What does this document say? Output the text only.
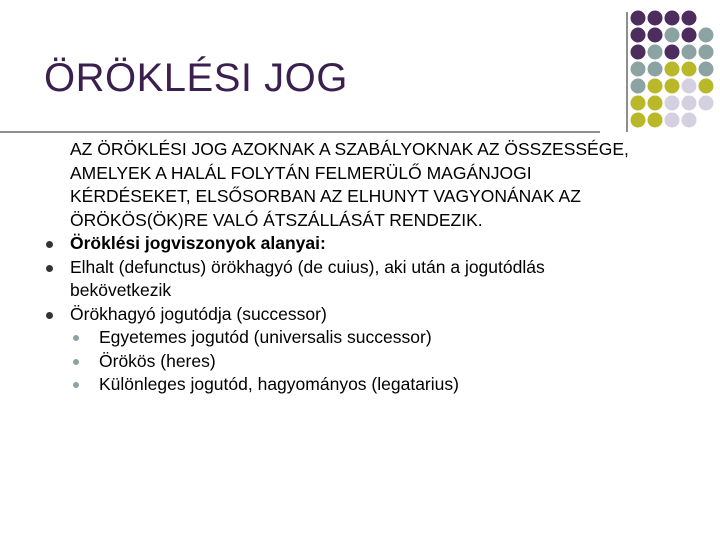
ÖRÖKLÉSI JOG

AZ ÖRÖKLÉSI JOG AZOKNAK A SZABÁLYOKNAK AZ ÖSSZESSÉGE, AMELYEK A HALÁL FOLYTÁN FELMERÜLŐ MAGÁNJOGI KÉRDÉSEKET, ELSŐSORBAN AZ ELHUNYT VAGYONÁNAK AZ ÖRÖKÖS(ÖK)RE VALÓ ÁTSZÁLLÁSÁT RENDEZIK.

Öröklési jogviszonyok alanyai:
Elhalt (defunctus) örökhagyó (de cuius), aki után a jogutódlás bekövetkezik
Örökhagyó jogutódja (successor)
Egyetemes jogutód (universalis successor)
Örökös (heres)
Különleges jogutód, hagyományos (legatarius)
